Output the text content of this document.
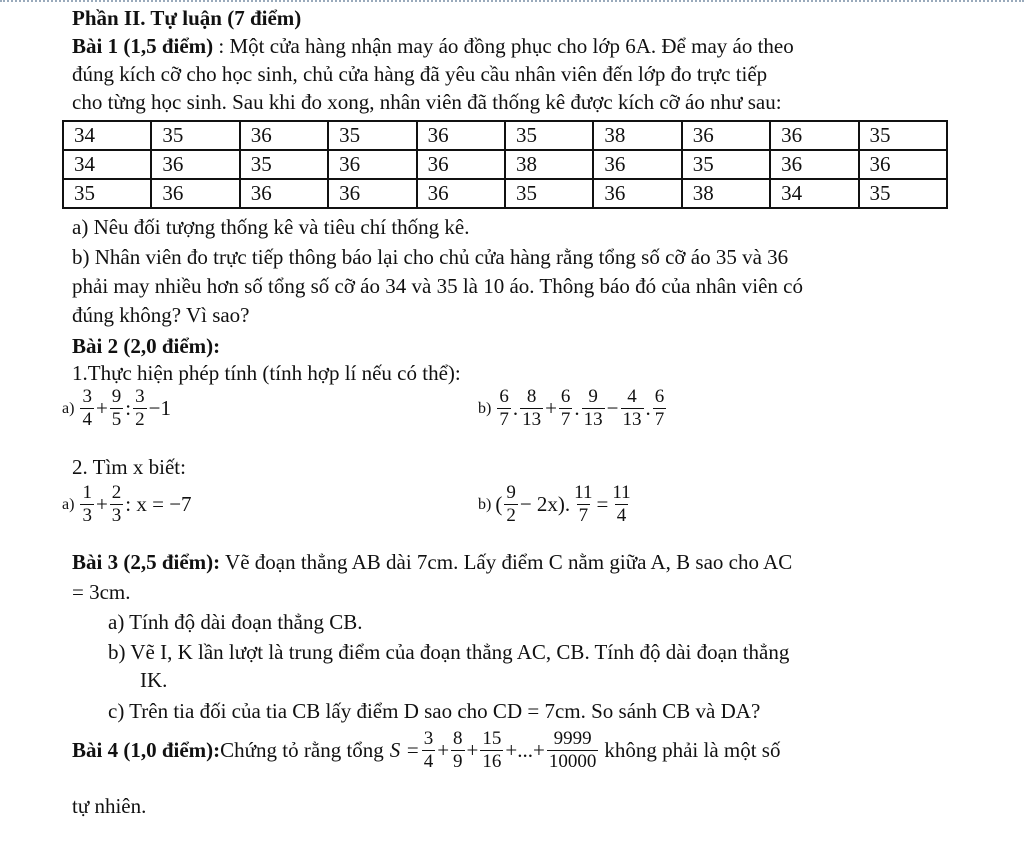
Phần II. Tự luận (7 điểm)
Bài 1 (1,5 điểm) : Một cửa hàng nhận may áo đồng phục cho lớp 6A. Để may áo theo
đúng kích cỡ cho học sinh, chủ cửa hàng đã yêu cầu nhân viên đến lớp đo trực tiếp
cho từng học sinh. Sau khi đo xong, nhân viên đã thống kê được kích cỡ áo như sau:
34	35	36	35	36	35	38	36	36	35
34	36	35	36	36	38	36	35	36	36
35	36	36	36	36	35	36	38	34	35
a) Nêu đối tượng thống kê và tiêu chí thống kê.
b) Nhân viên đo trực tiếp thông báo lại cho chủ cửa hàng rằng tổng số cỡ áo 35 và 36
phải may nhiều hơn số tổng số cỡ áo 34 và 35 là 10 áo. Thông báo đó của nhân viên có
đúng không? Vì sao?
Bài 2 (2,0 điểm):
1.Thực hiện phép tính (tính hợp lí nếu có thể):
$a) \frac{3}{4} + \frac{9}{5}$ : $\frac{3}{2} -1$	$b) \frac{6}{7}$ . $\frac{8}{13} + \frac{6}{7}$ . $\frac{9}{13} - \frac{4}{13}$ . $\frac{6}{7}$
2. Tìm x biết:
$a) \frac{1}{3} + \frac{2}{3}$ : x = −7	b) ( $\frac{9}{2} - 2x$). $\frac{11}{7} = \frac{11}{4}$
Bài 3 (2,5 điểm): Vẽ đoạn thẳng AB dài 7cm. Lấy điểm C nằm giữa A, B sao cho AC
= 3cm.
a) Tính độ dài đoạn thẳng CB.
b) Vẽ I, K lần lượt là trung điểm của đoạn thẳng AC, CB. Tính độ dài đoạn thẳng
IK.
c) Trên tia đối của tia CB lấy điểm D sao cho CD = 7cm. So sánh CB và DA?
Bài 4 (1,0 điểm): Chứng tỏ rằng tổng $S = \frac{3}{4} + \frac{8}{9} + \frac{15}{16}$ +...+ $\frac{9999}{10000}$ không phải là một số
tự nhiên.
